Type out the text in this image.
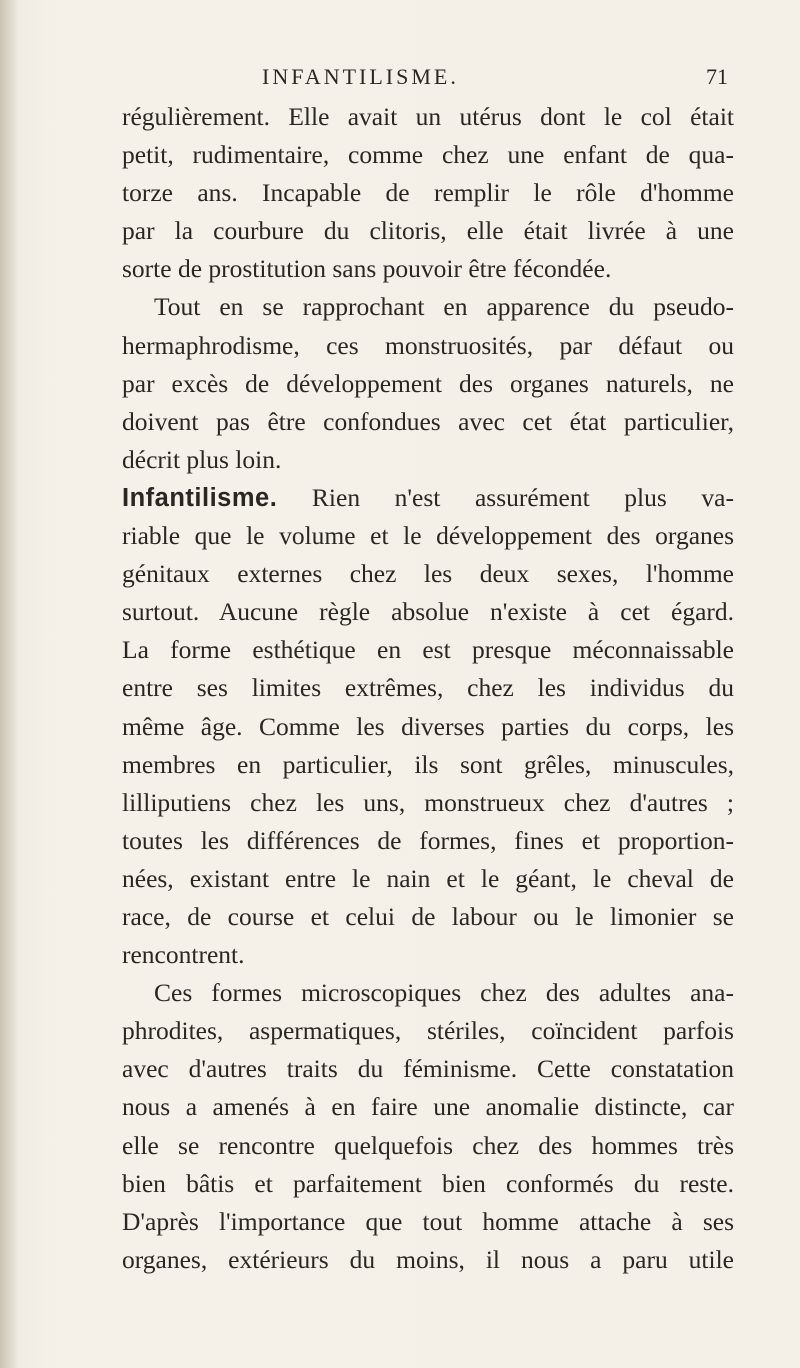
INFANTILISME.	71
régulièrement. Elle avait un utérus dont le col était
petit, rudimentaire, comme chez une enfant de qua-
torze ans. Incapable de remplir le rôle d'homme
par la courbure du clitoris, elle était livrée à une
sorte de prostitution sans pouvoir être fécondée.
Tout en se rapprochant en apparence du pseudo-
hermaphrodisme, ces monstruosités, par défaut ou
par excès de développement des organes naturels, ne
doivent pas être confondues avec cet état particulier,
décrit plus loin.
Infantilisme. Rien n'est assurément plus va-
riable que le volume et le développement des organes
génitaux externes chez les deux sexes, l'homme
surtout. Aucune règle absolue n'existe à cet égard.
La forme esthétique en est presque méconnaissable
entre ses limites extrêmes, chez les individus du
même âge. Comme les diverses parties du corps, les
membres en particulier, ils sont grêles, minuscules,
lilliputiens chez les uns, monstrueux chez d'autres ;
toutes les différences de formes, fines et proportion-
nées, existant entre le nain et le géant, le cheval de
race, de course et celui de labour ou le limonier se
rencontrent.
Ces formes microscopiques chez des adultes ana-
phrodites, aspermatiques, stériles, coïncident parfois
avec d'autres traits du féminisme. Cette constatation
nous a amenés à en faire une anomalie distincte, car
elle se rencontre quelquefois chez des hommes très
bien bâtis et parfaitement bien conformés du reste.
D'après l'importance que tout homme attache à ses
organes, extérieurs du moins, il nous a paru utile
